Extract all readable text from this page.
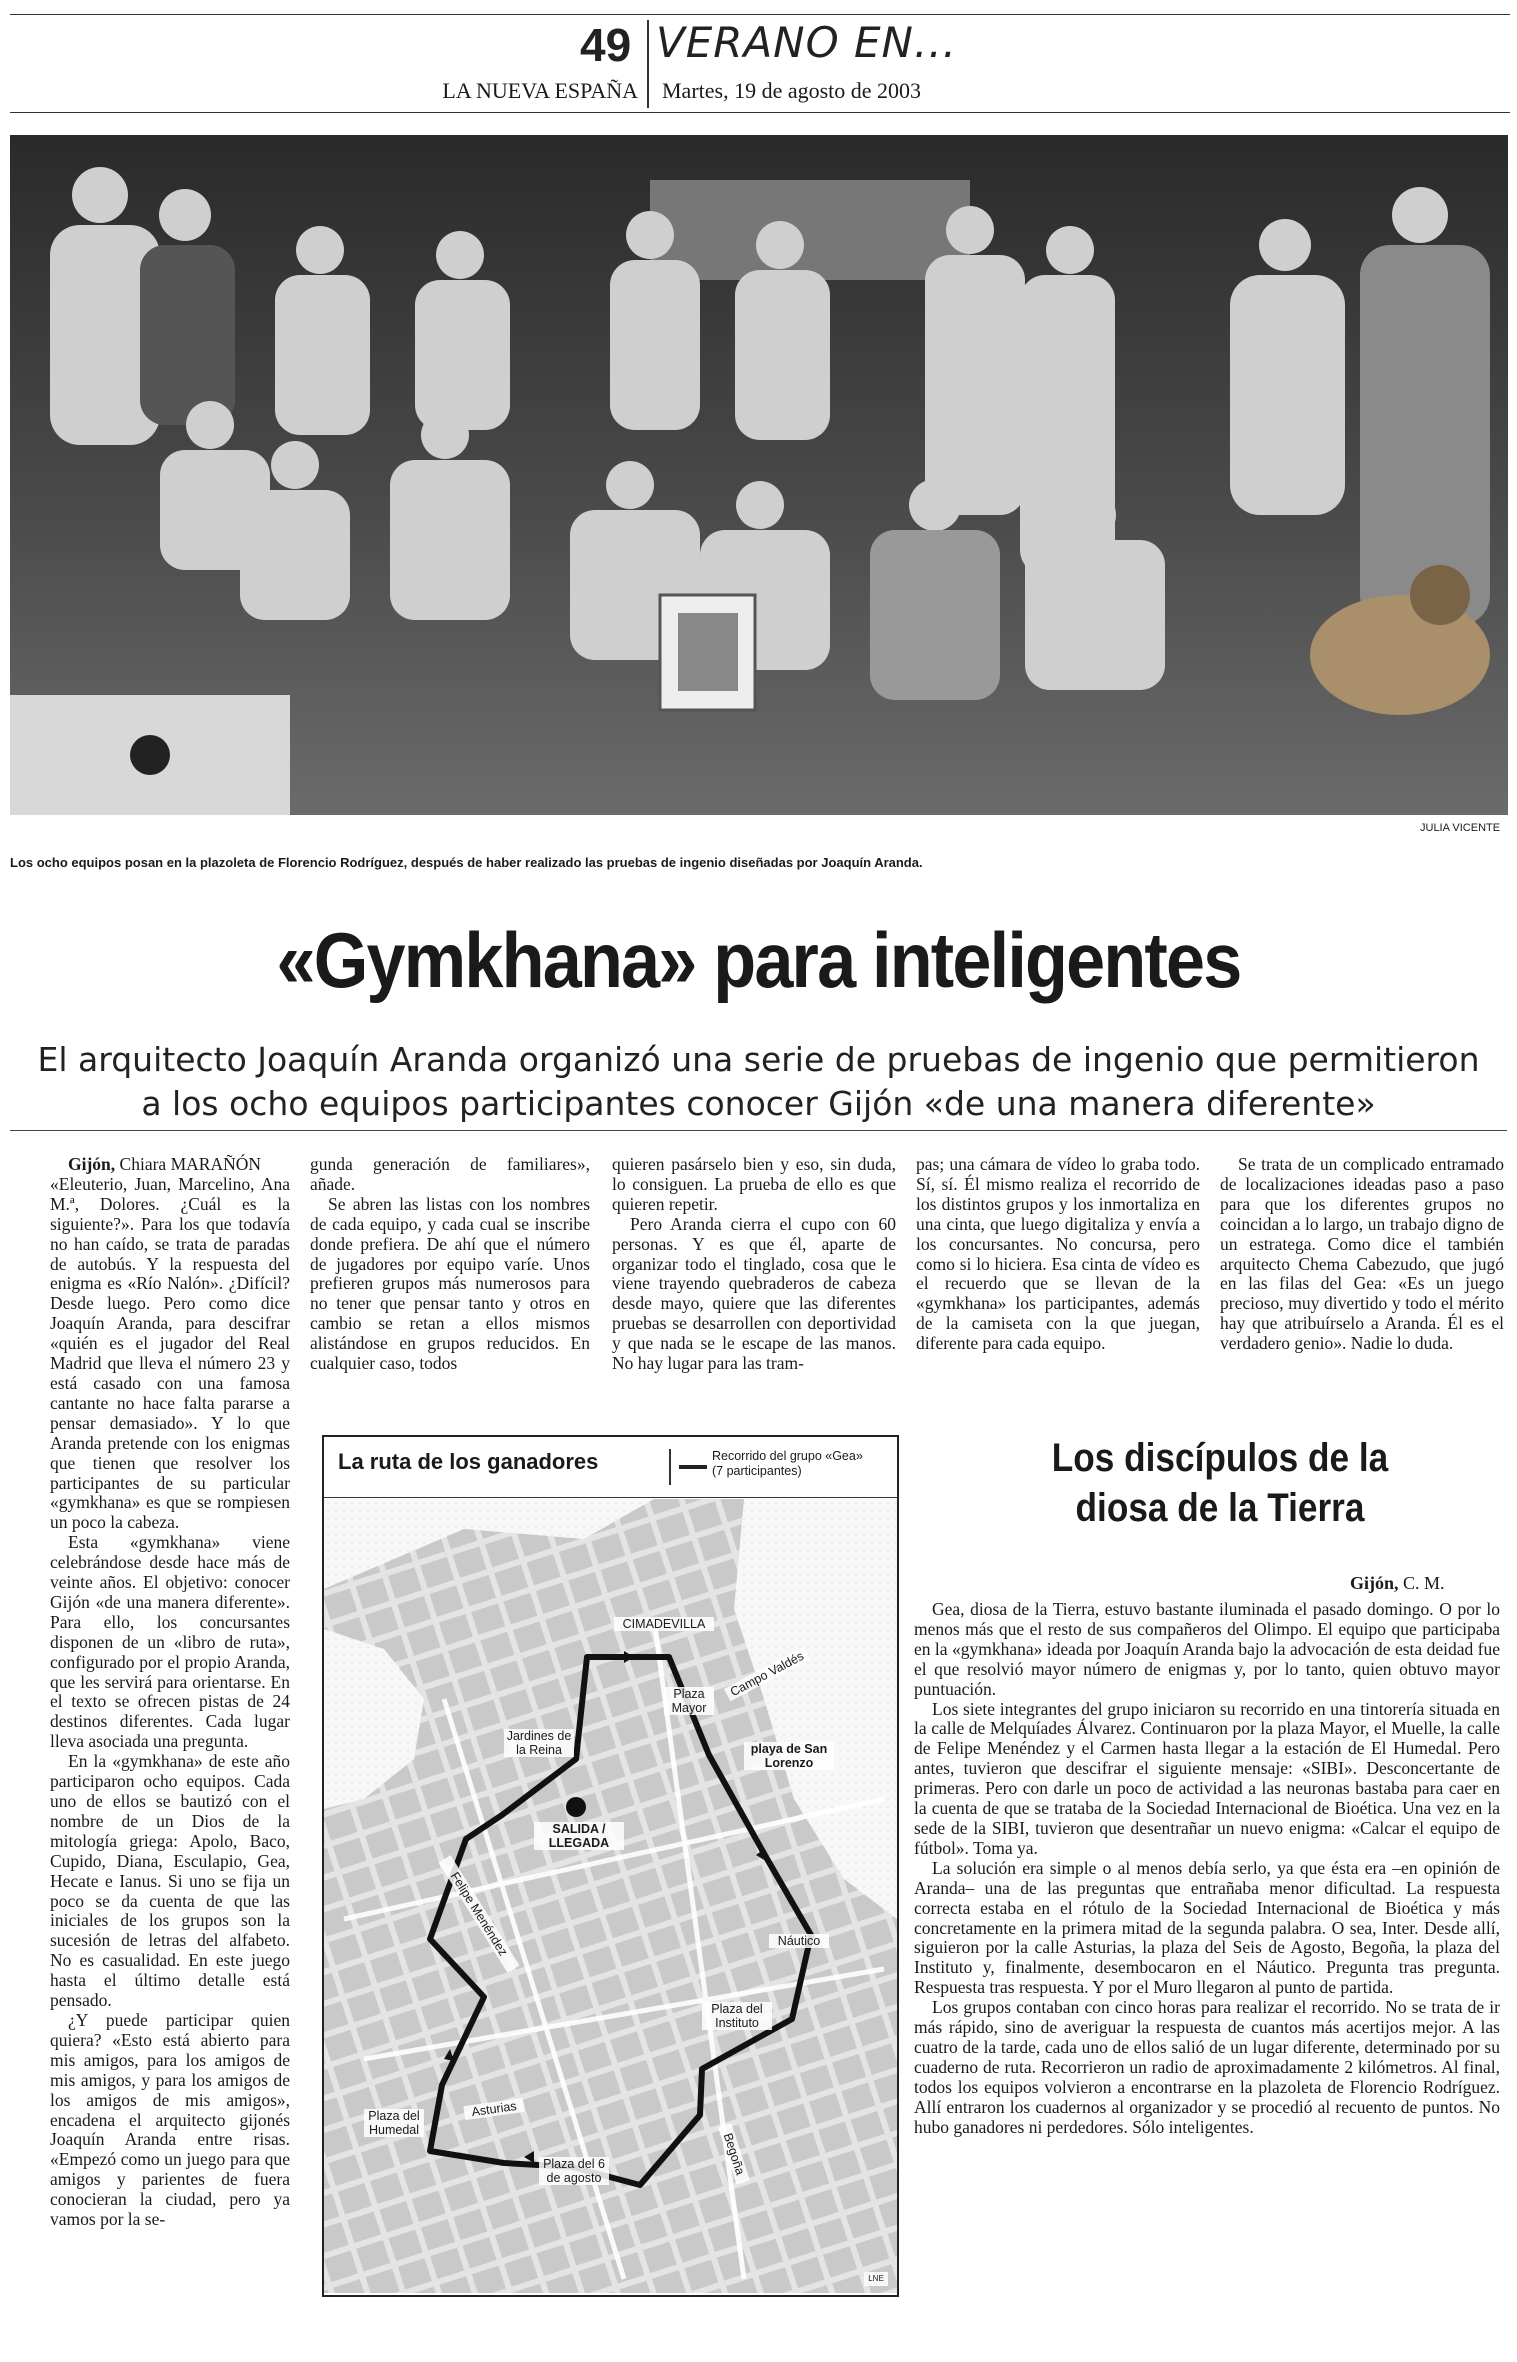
49 VERANO EN...
LA NUEVA ESPAÑA Martes, 19 de agosto de 2003
JULIA VICENTE
Los ocho equipos posan en la plazoleta de Florencio Rodríguez, después de haber realizado las pruebas de ingenio diseñadas por Joaquín Aranda.
«Gymkhana» para inteligentes
El arquitecto Joaquín Aranda organizó una serie de pruebas de ingenio que permitieron
a los ocho equipos participantes conocer Gijón «de una manera diferente»

Gijón, Chiara MARAÑÓN

«Eleuterio, Juan, Marcelino, Ana M.ª, Dolores. ¿Cuál es la siguiente?». Para los que todavía no han caído, se trata de paradas de autobús. Y la respuesta del enigma es «Río Nalón». ¿Difícil? Desde luego. Pero como dice Joaquín Aranda, para descifrar «quién es el jugador del Real Madrid que lleva el número 23 y está casado con una famosa cantante no hace falta pararse a pensar demasiado». Y lo que Aranda pretende con los enigmas que tienen que resolver los participantes de su particular «gymkhana» es que se rompiesen un poco la cabeza.

Esta «gymkhana» viene celebrándose desde hace más de veinte años. El objetivo: conocer Gijón «de una manera diferente». Para ello, los concursantes disponen de un «libro de ruta», configurado por el propio Aranda, que les servirá para orientarse. En el texto se ofrecen pistas de 24 destinos diferentes. Cada lugar lleva asociada una pregunta.

En la «gymkhana» de este año participaron ocho equipos. Cada uno de ellos se bautizó con el nombre de un Dios de la mitología griega: Apolo, Baco, Cupido, Diana, Esculapio, Gea, Hecate e Ianus. Si uno se fija un poco se da cuenta de que las iniciales de los grupos son la sucesión de letras del alfabeto. No es casualidad. En este juego hasta el último detalle está pensado.

¿Y puede participar quien quiera? «Esto está abierto para mis amigos, para los amigos de mis amigos, y para los amigos de los amigos de mis amigos», encadena el arquitecto gijonés Joaquín Aranda entre risas. «Empezó como un juego para que amigos y parientes de fuera conocieran la ciudad, pero ya vamos por la se-

gunda generación de familiares», añade.

Se abren las listas con los nombres de cada equipo, y cada cual se inscribe donde prefiera. De ahí que el número de jugadores por equipo varíe. Unos prefieren grupos más numerosos para no tener que pensar tanto y otros en cambio se retan a ellos mismos alistándose en grupos reducidos. En cualquier caso, todos

quieren pasárselo bien y eso, sin duda, lo consiguen. La prueba de ello es que quieren repetir.

Pero Aranda cierra el cupo con 60 personas. Y es que él, aparte de organizar todo el tinglado, cosa que le viene trayendo quebraderos de cabeza desde mayo, quiere que las diferentes pruebas se desarrollen con deportividad y que nada se le escape de las manos. No hay lugar para las tram-

pas; una cámara de vídeo lo graba todo. Sí, sí. Él mismo realiza el recorrido de los distintos grupos y los inmortaliza en una cinta, que luego digitaliza y envía a los concursantes. No concursa, pero como si lo hiciera. Esa cinta de vídeo es el recuerdo que se llevan de la «gymkhana» los participantes, además de la camiseta con la que juegan, diferente para cada equipo.

Se trata de un complicado entramado de localizaciones ideadas paso a paso para que los diferentes grupos no coincidan a lo largo, un trabajo digno de un estratega. Como dice el también arquitecto Chema Cabezudo, que jugó en las filas del Gea: «Es un juego precioso, muy divertido y todo el mérito hay que atribuírselo a Aranda. Él es el verdadero genio». Nadie lo duda.

La ruta de los ganadores	Recorrido del grupo «Gea»
(7 participantes)
CIMADEVILLA
Campo Valdés
Plaza Mayor
Jardines de la Reina	playa de San Lorenzo
SALIDA / LLEGADA
Felipe Menéndez	Náutico
Plaza del Instituto
Plaza del Humedal
Asturias
Plaza del 6 de agosto
Begoña
LNE
Los discípulos de la diosa de la Tierra
Gijón, C. M.

Gea, diosa de la Tierra, estuvo bastante iluminada el pasado domingo. O por lo menos más que el resto de sus compañeros del Olimpo. El equipo que participaba en la «gymkhana» ideada por Joaquín Aranda bajo la advocación de esta deidad fue el que resolvió mayor número de enigmas y, por lo tanto, quien obtuvo mayor puntuación.

Los siete integrantes del grupo iniciaron su recorrido en una tintorería situada en la calle de Melquíades Álvarez. Continuaron por la plaza Mayor, el Muelle, la calle de Felipe Menéndez y el Carmen hasta llegar a la estación de El Humedal. Pero antes, tuvieron que descifrar el siguiente mensaje: «SIBI». Desconcertante de primeras. Pero con darle un poco de actividad a las neuronas bastaba para caer en la cuenta de que se trataba de la Sociedad Internacional de Bioética. Una vez en la sede de la SIBI, tuvieron que desentrañar un nuevo enigma: «Calcar el equipo de fútbol». Toma ya.

La solución era simple o al menos debía serlo, ya que ésta era –en opinión de Aranda– una de las preguntas que entrañaba menor dificultad. La respuesta correcta estaba en el rótulo de la Sociedad Internacional de Bioética y más concretamente en la primera mitad de la segunda palabra. O sea, Inter. Desde allí, siguieron por la calle Asturias, la plaza del Seis de Agosto, Begoña, la plaza del Instituto y, finalmente, desembocaron en el Náutico. Pregunta tras pregunta. Respuesta tras respuesta. Y por el Muro llegaron al punto de partida.

Los grupos contaban con cinco horas para realizar el recorrido. No se trata de ir más rápido, sino de averiguar la respuesta de cuantos más acertijos mejor. A las cuatro de la tarde, cada uno de ellos salió de un lugar diferente, determinado por su cuaderno de ruta. Recorrieron un radio de aproximadamente 2 kilómetros. Al final, todos los equipos volvieron a encontrarse en la plazoleta de Florencio Rodríguez. Allí entraron los cuadernos al organizador y se procedió al recuento de puntos. No hubo ganadores ni perdedores. Sólo inteligentes.
